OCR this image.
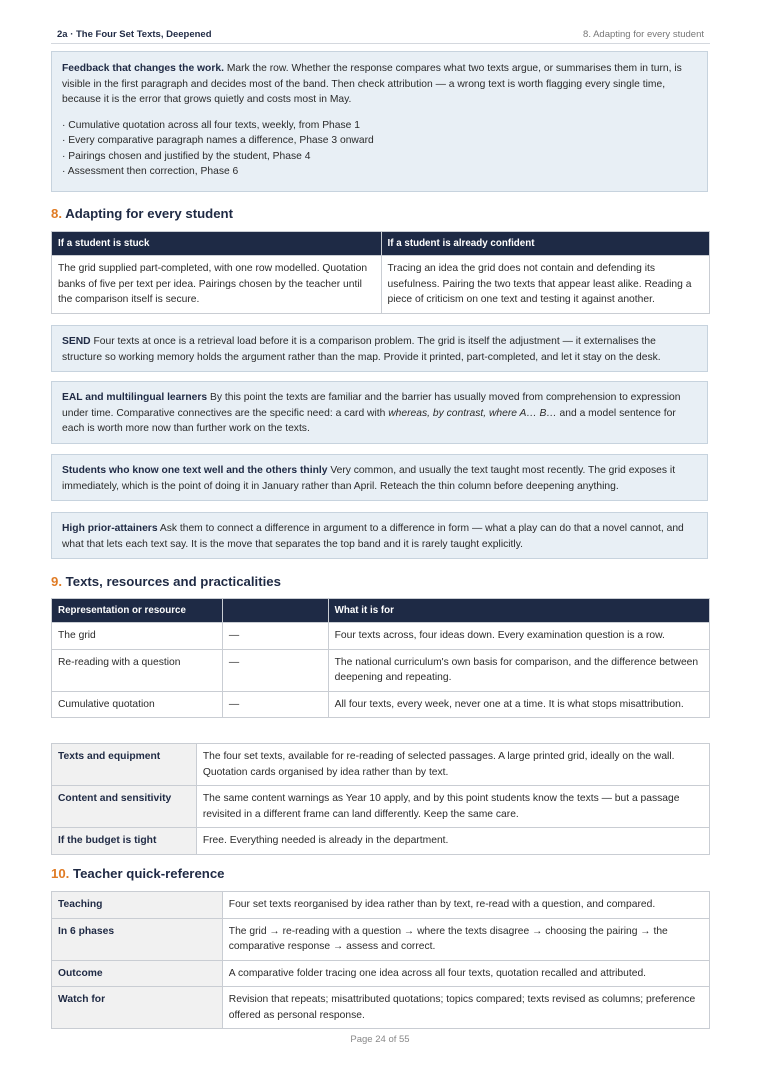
2a · The Four Set Texts, Deepened	8. Adapting for every student
Feedback that changes the work. Mark the row. Whether the response compares what two texts argue, or summarises them in turn, is visible in the first paragraph and decides most of the band. Then check attribution — a wrong text is worth flagging every single time, because it is the error that grows quietly and costs most in May.
· Cumulative quotation across all four texts, weekly, from Phase 1
· Every comparative paragraph names a difference, Phase 3 onward
· Pairings chosen and justified by the student, Phase 4
· Assessment then correction, Phase 6
8. Adapting for every student
If a student is stuck	If a student is already confident
The grid supplied part-completed, with one row modelled. Quotation banks of five per text per idea. Pairings chosen by the teacher until the comparison itself is secure.	Tracing an idea the grid does not contain and defending its usefulness. Pairing the two texts that appear least alike. Reading a piece of criticism on one text and testing it against another.
SEND Four texts at once is a retrieval load before it is a comparison problem. The grid is itself the adjustment — it externalises the structure so working memory holds the argument rather than the map. Provide it printed, part-completed, and let it stay on the desk.
EAL and multilingual learners By this point the texts are familiar and the barrier has usually moved from comprehension to expression under time. Comparative connectives are the specific need: a card with whereas, by contrast, where A… B… and a model sentence for each is worth more now than further work on the texts.
Students who know one text well and the others thinly Very common, and usually the text taught most recently. The grid exposes it immediately, which is the point of doing it in January rather than April. Reteach the thin column before deepening anything.
High prior-attainers Ask them to connect a difference in argument to a difference in form — what a play can do that a novel cannot, and what that lets each text say. It is the move that separates the top band and it is rarely taught explicitly.
9. Texts, resources and practicalities
Representation or resource		What it is for
The grid	—	Four texts across, four ideas down. Every examination question is a row.
Re-reading with a question	—	The national curriculum's own basis for comparison, and the difference between deepening and repeating.
Cumulative quotation	—	All four texts, every week, never one at a time. It is what stops misattribution.
Texts and equipment	The four set texts, available for re-reading of selected passages. A large printed grid, ideally on the wall. Quotation cards organised by idea rather than by text.
Content and sensitivity	The same content warnings as Year 10 apply, and by this point students know the texts — but a passage revisited in a different frame can land differently. Keep the same care.
If the budget is tight	Free. Everything needed is already in the department.
10. Teacher quick-reference
Teaching	Four set texts reorganised by idea rather than by text, re-read with a question, and compared.
In 6 phases	The grid → re-reading with a question → where the texts disagree → choosing the pairing → the comparative response → assess and correct.
Outcome	A comparative folder tracing one idea across all four texts, quotation recalled and attributed.
Watch for	Revision that repeats; misattributed quotations; topics compared; texts revised as columns; preference offered as personal response.
Page 24 of 55
